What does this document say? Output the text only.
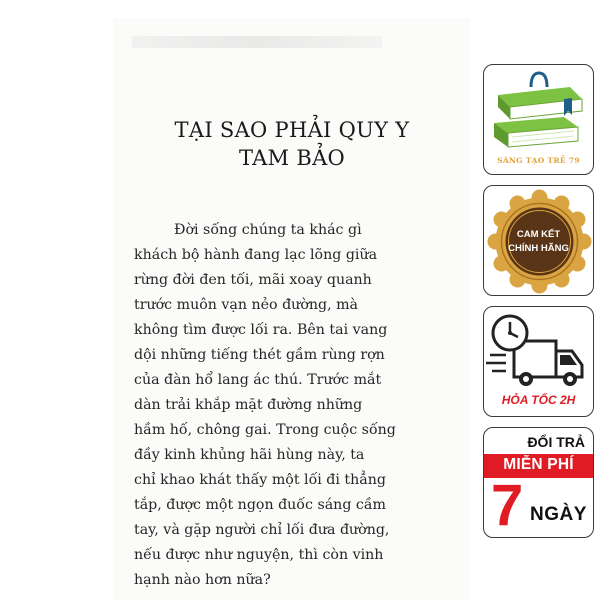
TẠI SAO PHẢI QUY Y
TAM BẢO
Đời sống chúng ta khác gì
khách bộ hành đang lạc lõng giữa
rừng đời đen tối, mãi xoay quanh
trước muôn vạn nẻo đường, mà
không tìm được lối ra. Bên tai vang
dội những tiếng thét gầm rùng rợn
của đàn hổ lang ác thú. Trước mắt
dàn trải khắp mặt đường những
hầm hố, chông gai. Trong cuộc sống
đầy kinh khủng hãi hùng này, ta
chỉ khao khát thấy một lối đi thẳng
tắp, được một ngọn đuốc sáng cầm
tay, và gặp người chỉ lối đưa đường,
nếu được như nguyện, thì còn vinh
hạnh nào hơn nữa?
SÁNG TẠO TRẺ 79
CAM KẾT
CHÍNH HÃNG
HỎA TỐC 2H
ĐỔI TRẢ
MIỄN PHÍ
7 NGÀY
